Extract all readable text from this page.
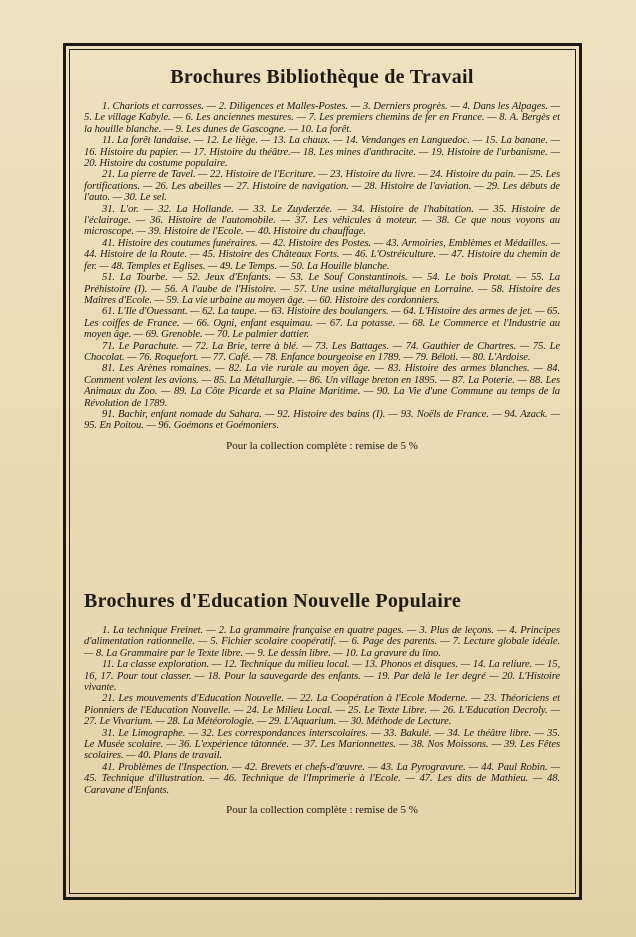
Brochures Bibliothèque de Travail

1. Chariots et carrosses. — 2. Diligences et Malles-Postes. — 3. Derniers progrès. — 4. Dans les Alpages. — 5. Le village Kabyle. — 6. Les anciennes mesures. — 7. Les premiers chemins de fer en France. — 8. A. Bergès et la houille blanche. — 9. Les dunes de Gascogne. — 10. La forêt.

11. La forêt landaise. — 12. Le liège. — 13. La chaux. — 14. Vendanges en Languedoc. — 15. La banane. — 16. Histoire du papier. — 17. Histoire du théâtre.— 18. Les mines d'anthracite. — 19. Histoire de l'urbanisme. — 20. Histoire du costume populaire.

21. La pierre de Tavel. — 22. Histoire de l'Ecriture. — 23. Histoire du livre. — 24. Histoire du pain. — 25. Les fortifications. — 26. Les abeilles — 27. Histoire de navigation. — 28. Histoire de l'aviation. — 29. Les débuts de l'auto. — 30. Le sel.

31. L'or. — 32. La Hollande. — 33. Le Zuyderzée. — 34. Histoire de l'habitation. — 35. Histoire de l'éclairage. — 36. Histoire de l'automobile. — 37. Les véhicules à moteur. — 38. Ce que nous voyons au microscope. — 39. Histoire de l'Ecole. — 40. Histoire du chauffage.

41. Histoire des coutumes funéraires. — 42. Histoire des Postes. — 43. Armoiries, Emblèmes et Médailles. — 44. Histoire de la Route. — 45. Histoire des Châteaux Forts. — 46. L'Ostréiculture. — 47. Histoire du chemin de fer. — 48. Temples et Eglises. — 49. Le Temps. — 50. La Houille blanche.

51. La Tourbe. — 52. Jeux d'Enfants. — 53. Le Souf Constantinois. — 54. Le bois Protat. — 55. La Préhistoire (I). — 56. A l'aube de l'Histoire. — 57. Une usine métallurgique en Lorraine. — 58. Histoire des Maîtres d'Ecole. — 59. La vie urbaine au moyen âge. — 60. Histoire des cordonniers.

61. L'Ile d'Ouessant. — 62. La taupe. — 63. Histoire des boulangers. — 64. L'Histoire des armes de jet. — 65. Les coiffes de France. — 66. Ogni, enfant esquimau. — 67. La potasse. — 68. Le Commerce et l'Industrie au moyen âge. — 69. Grenoble. — 70. Le palmier dattier.

71. Le Parachute. — 72. La Brie, terre à blé. — 73. Les Battages. — 74. Gauthier de Chartres. — 75. Le Chocolat. — 76. Roquefort. — 77. Café. — 78. Enfance bourgeoise en 1789. — 79. Béloti. — 80. L'Ardoise.

81. Les Arènes romaines. — 82. La vie rurale au moyen âge. — 83. Histoire des armes blanches. — 84. Comment volent les avions. — 85. La Métallurgie. — 86. Un village breton en 1895. — 87. La Poterie. — 88. Les Animaux du Zoo. — 89. La Côte Picarde et sa Plaine Maritime. — 90. La Vie d'une Commune au temps de la Révolution de 1789.

91. Bachir, enfant nomade du Sahara. — 92. Histoire des bains (I). — 93. Noëls de France. — 94. Azack. — 95. En Poitou. — 96. Goémons et Goémoniers.

Pour la collection complète : remise de 5 %
Brochures d'Education Nouvelle Populaire

1. La technique Freinet. — 2. La grammaire française en quatre pages. — 3. Plus de leçons. — 4. Principes d'alimentation rationnelle. — 5. Fichier scolaire coopératif. — 6. Page des parents. — 7. Lecture globale idéale. — 8. La Grammaire par le Texte libre. — 9. Le dessin libre. — 10. La gravure du lino.

11. La classe exploration. — 12. Technique du milieu local. — 13. Phonos et disques. — 14. La reliure. — 15, 16, 17. Pour tout classer. — 18. Pour la sauvegarde des enfants. — 19. Par delà le 1er degré — 20. L'Histoire vivante.

21. Les mouvements d'Education Nouvelle. — 22. La Coopération à l'Ecole Moderne. — 23. Théoriciens et Pionniers de l'Education Nouvelle. — 24. Le Milieu Local. — 25. Le Texte Libre. — 26. L'Education Decroly. — 27. Le Vivarium. — 28. La Météorologie. — 29. L'Aquarium. — 30. Méthode de Lecture.

31. Le Limographe. — 32. Les correspondances interscolaires. — 33. Bakulé. — 34. Le théâtre libre. — 35. Le Musée scolaire. — 36. L'expérience tâtonnée. — 37. Les Marionnettes. — 38. Nos Moissons. — 39. Les Fêtes scolaires. — 40. Plans de travail.

41. Problèmes de l'Inspection. — 42. Brevets et chefs-d'œuvre. — 43. La Pyrogravure. — 44. Paul Robin. — 45. Technique d'illustration. — 46. Technique de l'Imprimerie à l'Ecole. — 47. Les dits de Mathieu. — 48. Caravane d'Enfants.

Pour la collection complète : remise de 5 %
